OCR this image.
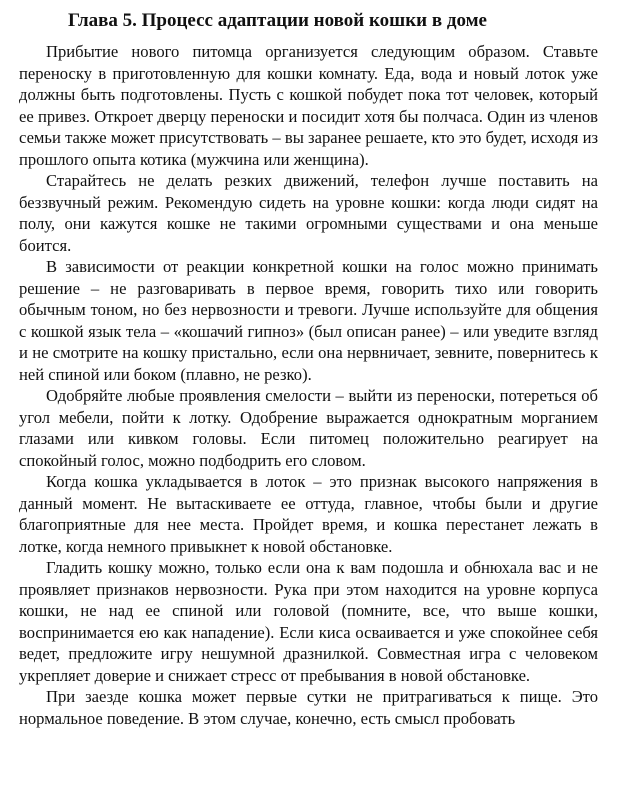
Глава 5. Процесс адаптации новой кошки в доме

Прибытие нового питомца организуется следующим образом. Ставьте переноску в приготовленную для кошки комнату. Еда, вода и новый лоток уже должны быть подготовлены. Пусть с кошкой побудет пока тот человек, который ее привез. Откроет дверцу переноски и посидит хотя бы полчаса. Один из членов семьи также может присутствовать – вы заранее решаете, кто это будет, исходя из прошлого опыта котика (мужчина или женщина).

Старайтесь не делать резких движений, телефон лучше поставить на беззвучный режим. Рекомендую сидеть на уровне кошки: когда люди сидят на полу, они кажутся кошке не такими огромными существами и она меньше боится.

В зависимости от реакции конкретной кошки на голос можно принимать решение – не разговаривать в первое время, говорить тихо или говорить обычным тоном, но без нервозности и тревоги. Лучше используйте для общения с кошкой язык тела – «кошачий гипноз» (был описан ранее) – или уведите взгляд и не смотрите на кошку пристально, если она нервничает, зевните, повернитесь к ней спиной или боком (плавно, не резко).

Одобряйте любые проявления смелости – выйти из переноски, потереться об угол мебели, пойти к лотку. Одобрение выражается однократным морганием глазами или кивком головы. Если питомец положительно реагирует на спокойный голос, можно подбодрить его словом.

Когда кошка укладывается в лоток – это признак высокого напряжения в данный момент. Не вытаскиваете ее оттуда, главное, чтобы были и другие благоприятные для нее места. Пройдет время, и кошка перестанет лежать в лотке, когда немного привыкнет к новой обстановке.

Гладить кошку можно, только если она к вам подошла и обнюхала вас и не проявляет признаков нервозности. Рука при этом находится на уровне корпуса кошки, не над ее спиной или головой (помните, все, что выше кошки, воспринимается ею как нападение). Если киса осваивается и уже спокойнее себя ведет, предложите игру нешумной дразнилкой. Совместная игра с человеком укрепляет доверие и снижает стресс от пребывания в новой обстановке.

При заезде кошка может первые сутки не притрагиваться к пище. Это нормальное поведение. В этом случае, конечно, есть смысл пробовать
